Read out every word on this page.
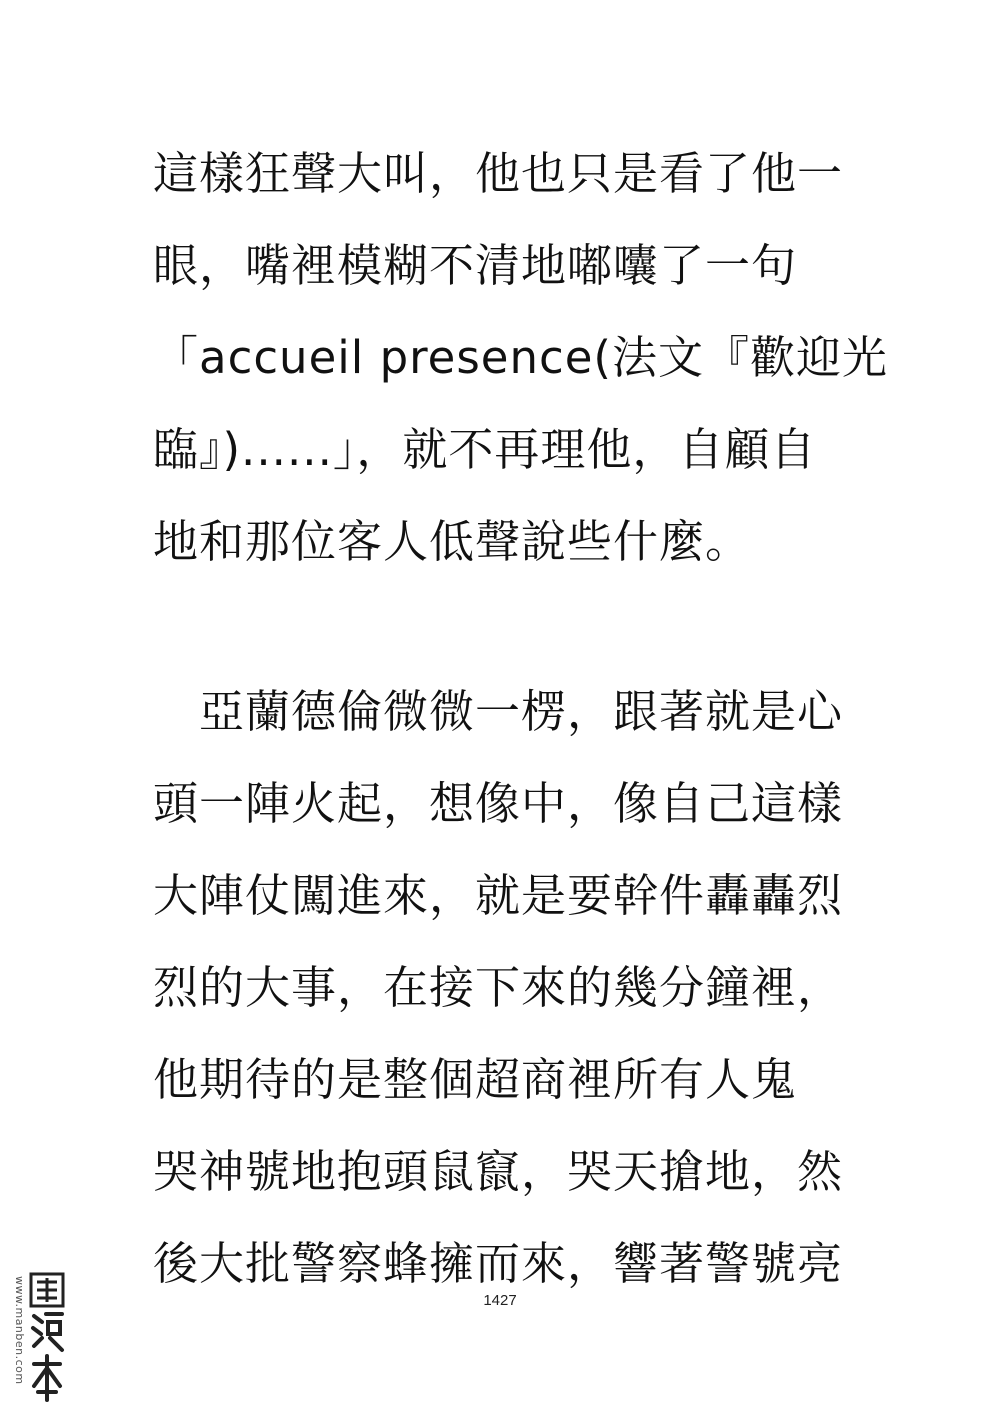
這樣狂聲大叫，他也只是看了他一
眼，嘴裡模糊不清地嘟囔了一句
「accueil presence(法文『歡迎光
臨』)......」，就不再理他，自顧自
地和那位客人低聲說些什麼。
　亞蘭德倫微微一楞，跟著就是心
頭一陣火起，想像中，像自己這樣
大陣仗闖進來，就是要幹件轟轟烈
烈的大事，在接下來的幾分鐘裡，
他期待的是整個超商裡所有人鬼
哭神號地抱頭鼠竄，哭天搶地，然
後大批警察蜂擁而來，響著警號亮
1427
www.manben.com
